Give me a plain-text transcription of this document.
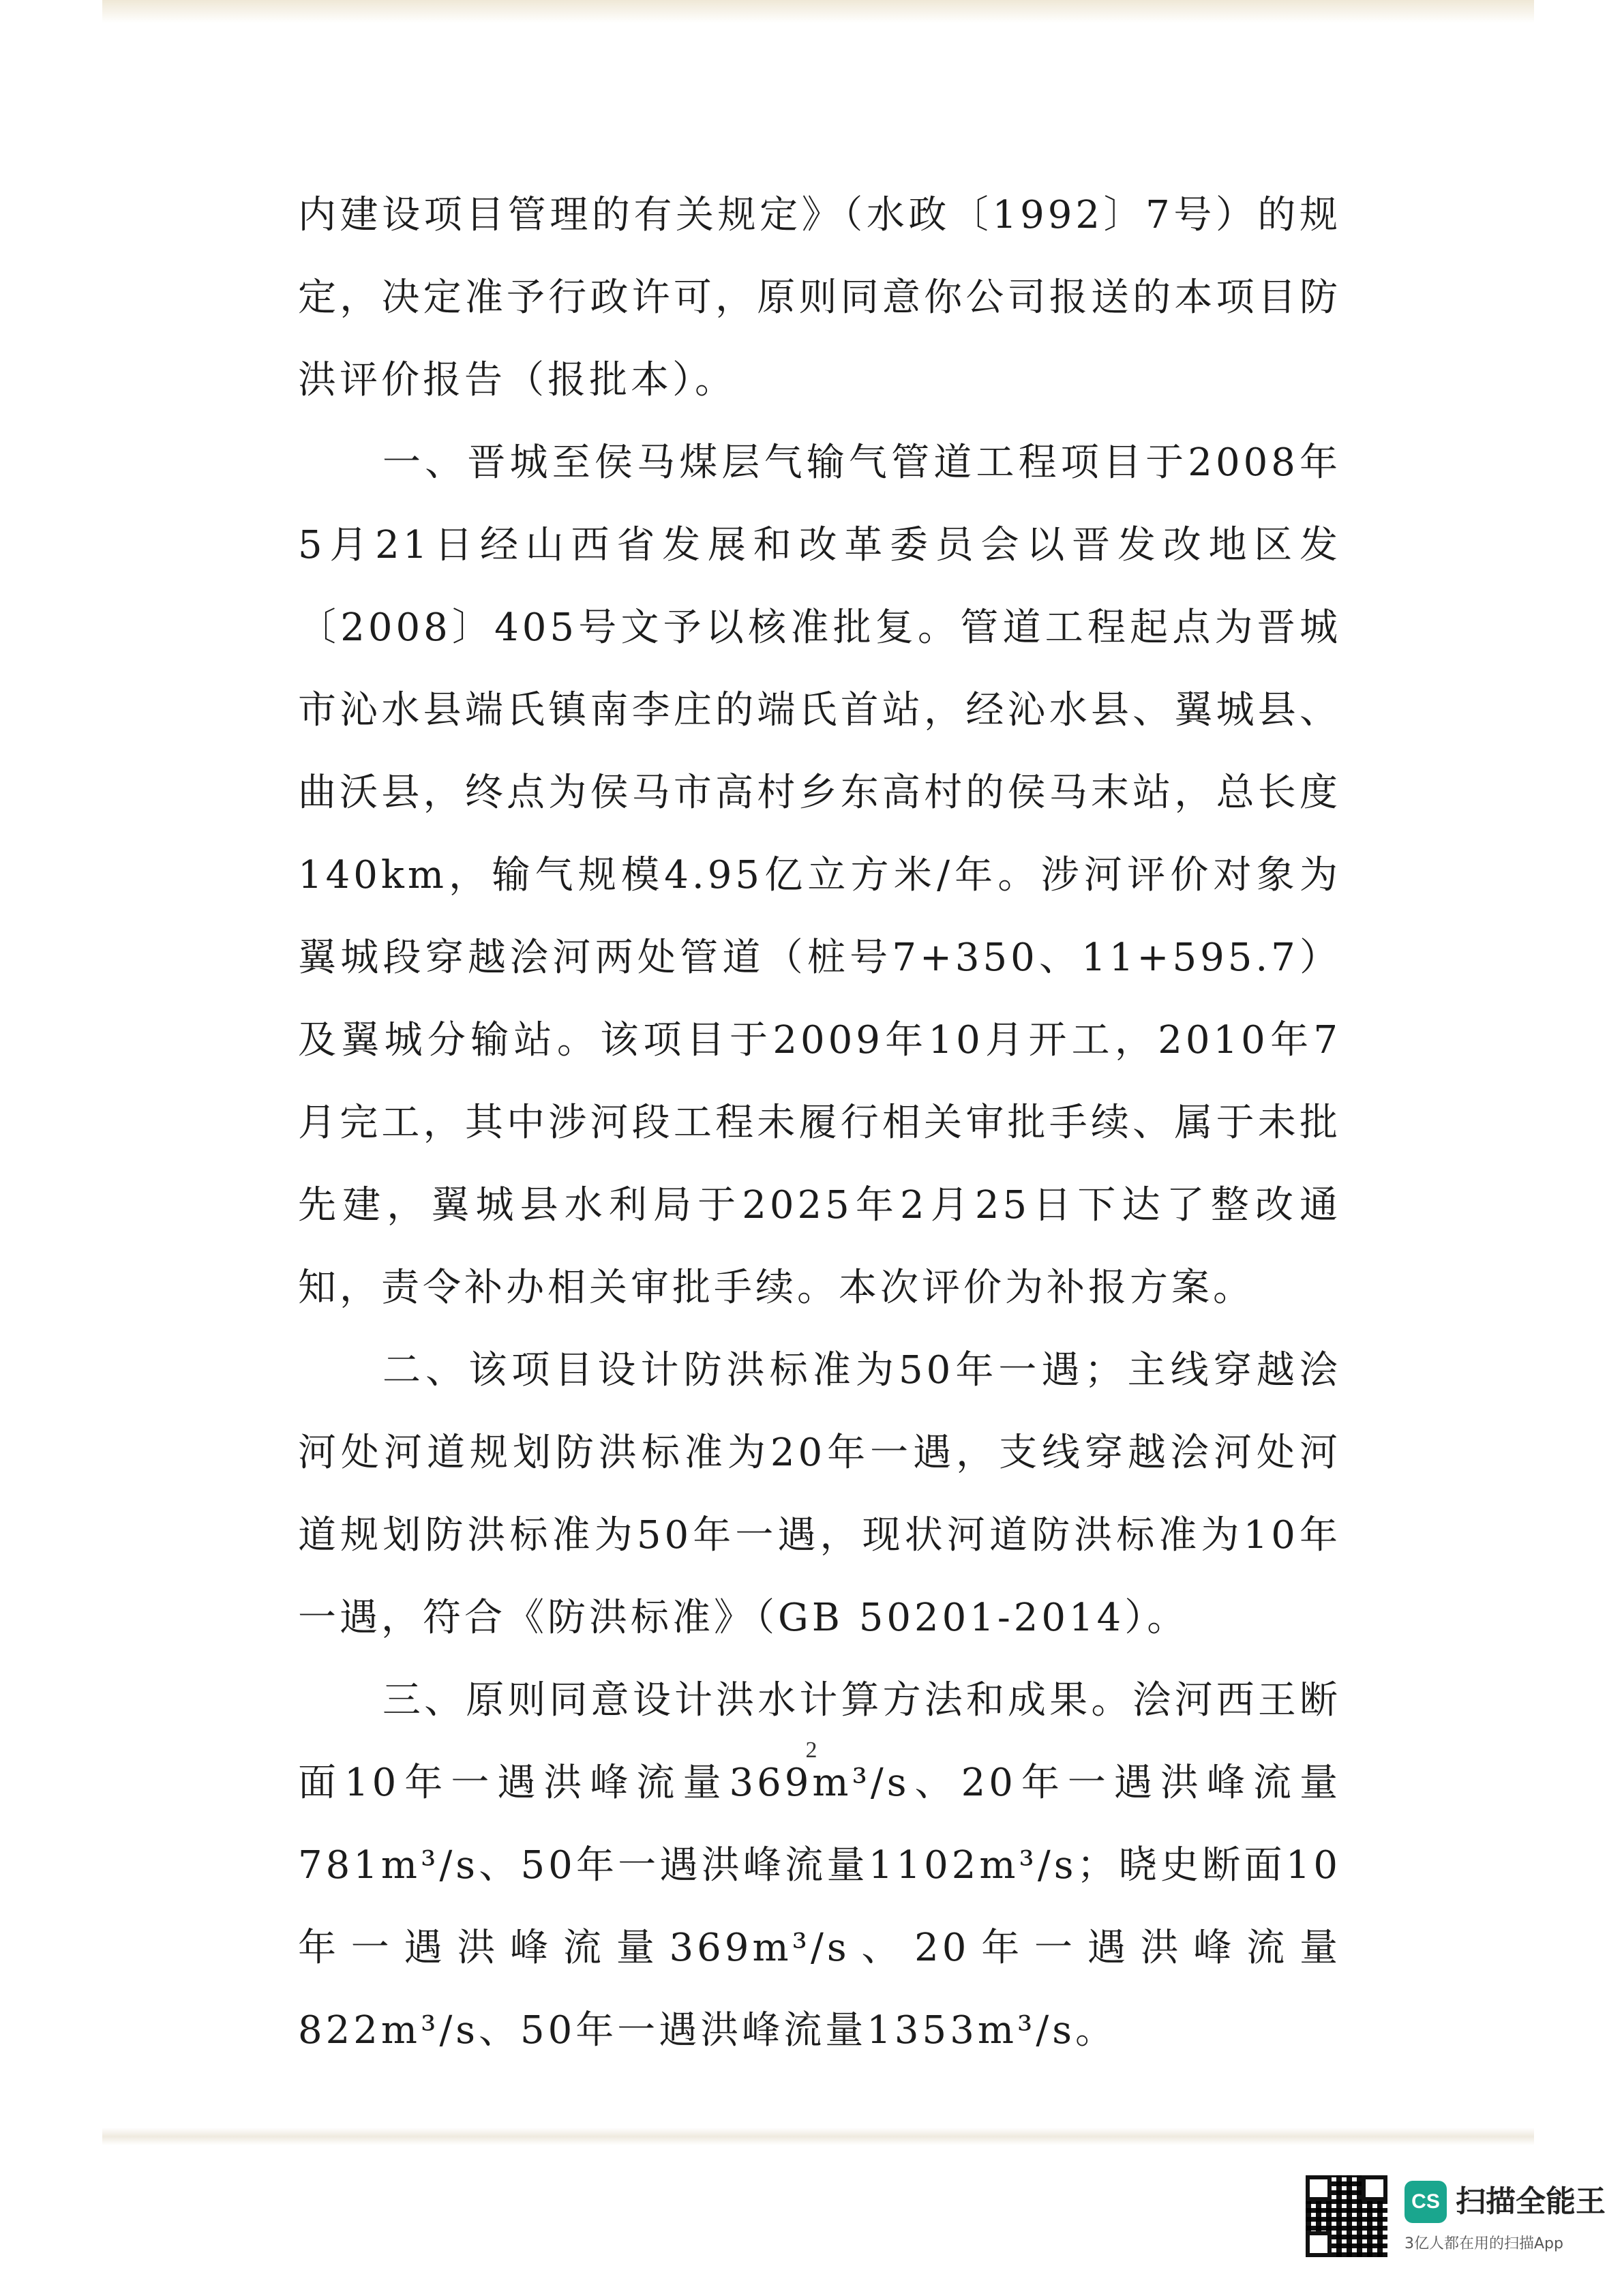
内建设项目管理的有关规定》（水政〔1992〕7号）的规定，决定准予行政许可，原则同意你公司报送的本项目防洪评价报告（报批本）。

一、晋城至侯马煤层气输气管道工程项目于2008年5月21日经山西省发展和改革委员会以晋发改地区发〔2008〕405号文予以核准批复。管道工程起点为晋城市沁水县端氏镇南李庄的端氏首站，经沁水县、翼城县、曲沃县，终点为侯马市高村乡东高村的侯马末站，总长度140km，输气规模4.95亿立方米/年。涉河评价对象为翼城段穿越浍河两处管道（桩号7+350、11+595.7）及翼城分输站。该项目于2009年10月开工，2010年7月完工，其中涉河段工程未履行相关审批手续、属于未批先建，翼城县水利局于2025年2月25日下达了整改通知，责令补办相关审批手续。本次评价为补报方案。

二、该项目设计防洪标准为50年一遇；主线穿越浍河处河道规划防洪标准为20年一遇，支线穿越浍河处河道规划防洪标准为50年一遇，现状河道防洪标准为10年一遇，符合《防洪标准》（GB 50201-2014）。

三、原则同意设计洪水计算方法和成果。浍河西王断面10年一遇洪峰流量369m³/s、20年一遇洪峰流量781m³/s、50年一遇洪峰流量1102m³/s；晓史断面10年一遇洪峰流量369m³/s、20年一遇洪峰流量822m³/s、50年一遇洪峰流量1353m³/s。

2
CS 扫描全能王
3亿人都在用的扫描App
